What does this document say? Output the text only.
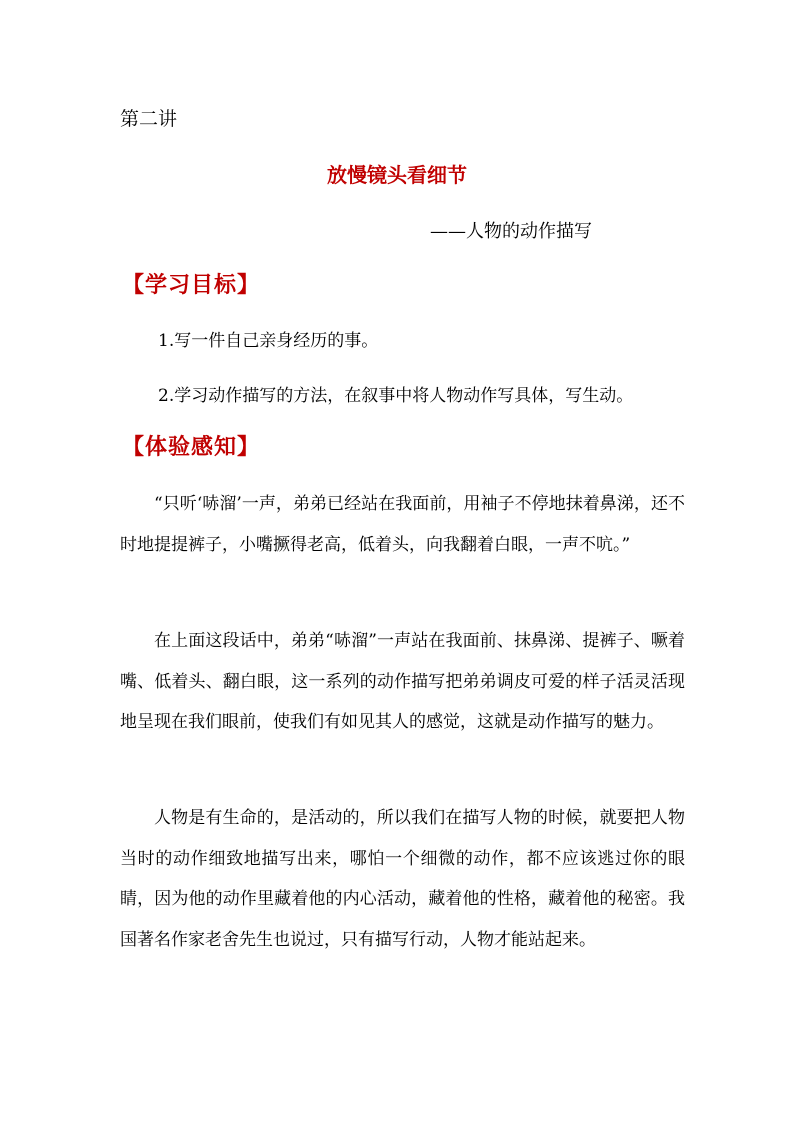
第二讲
放慢镜头看细节
——人物的动作描写
【学习目标】
1.写一件自己亲身经历的事。
2.学习动作描写的方法，在叙事中将人物动作写具体，写生动。
【体验感知】
“只听‘哧溜’一声，弟弟已经站在我面前，用袖子不停地抹着鼻涕，还不时地提提裤子，小嘴撅得老高，低着头，向我翻着白眼，一声不吭。”
在上面这段话中，弟弟“哧溜”一声站在我面前、抹鼻涕、提裤子、噘着嘴、低着头、翻白眼，这一系列的动作描写把弟弟调皮可爱的样子活灵活现地呈现在我们眼前，使我们有如见其人的感觉，这就是动作描写的魅力。
人物是有生命的，是活动的，所以我们在描写人物的时候，就要把人物当时的动作细致地描写出来，哪怕一个细微的动作，都不应该逃过你的眼睛，因为他的动作里藏着他的内心活动，藏着他的性格，藏着他的秘密。我国著名作家老舍先生也说过，只有描写行动，人物才能站起来。
